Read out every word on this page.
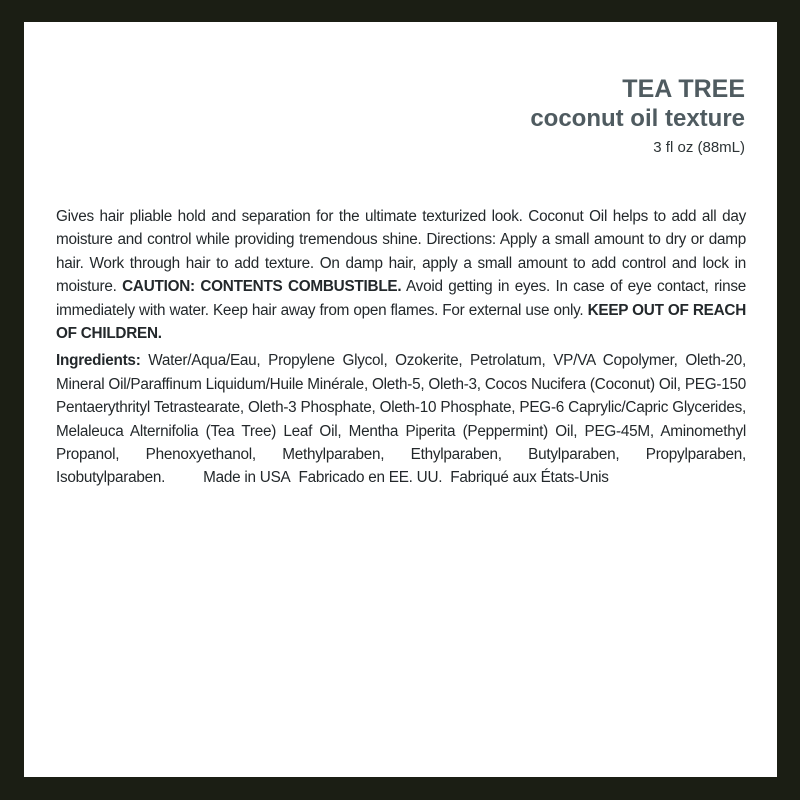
TEA TREE
coconut oil texture
3 fl oz (88mL)

Gives hair pliable hold and separation for the ultimate texturized look. Coconut Oil helps to add all day moisture and control while providing tremendous shine. Directions: Apply a small amount to dry or damp hair. Work through hair to add texture. On damp hair, apply a small amount to add control and lock in moisture. CAUTION: CONTENTS COMBUSTIBLE. Avoid getting in eyes. In case of eye contact, rinse immediately with water. Keep hair away from open flames. For external use only. KEEP OUT OF REACH OF CHILDREN.

Ingredients: Water/Aqua/Eau, Propylene Glycol, Ozokerite, Petrolatum, VP/VA Copolymer, Oleth-20, Mineral Oil/Paraffinum Liquidum/Huile Minérale, Oleth-5, Oleth-3, Cocos Nucifera (Coconut) Oil, PEG-150 Pentaerythrityl Tetrastearate, Oleth-3 Phosphate, Oleth-10 Phosphate, PEG-6 Caprylic/Capric Glycerides, Melaleuca Alternifolia (Tea Tree) Leaf Oil, Mentha Piperita (Peppermint) Oil, PEG-45M, Aminomethyl Propanol, Phenoxyethanol, Methylparaben, Ethylparaben, Butylparaben, Propylparaben, Isobutylparaben. Made in USA Fabricado en EE. UU. Fabriqué aux États-Unis
